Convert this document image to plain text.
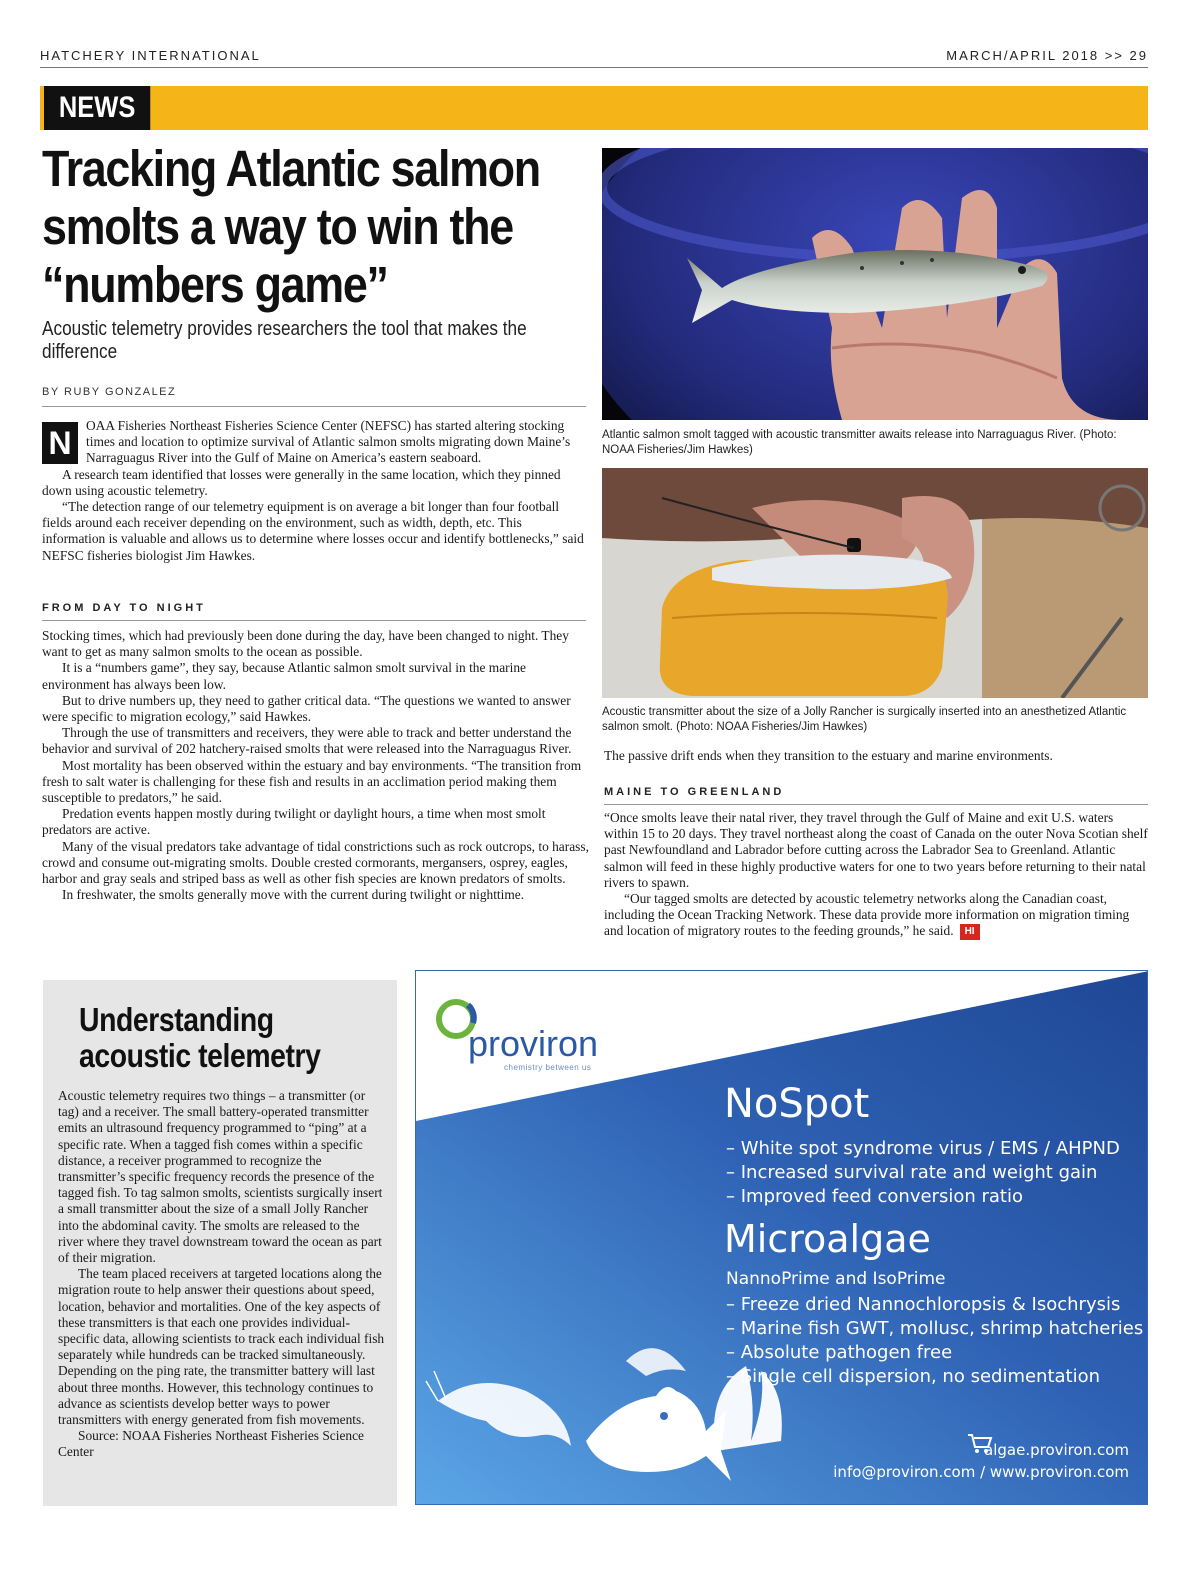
HATCHERY INTERNATIONAL	MARCH/APRIL 2018 >> 29
NEWS
Tracking Atlantic salmon
smolts a way to win the
“numbers game”
Acoustic telemetry provides researchers the tool that makes the difference
BY RUBY GONZALEZ

N	OAA Fisheries Northeast Fisheries Science Center (NEFSC) has started altering stocking times and location to optimize survival of Atlantic salmon smolts migrating down Maine’s Narraguagus River into the Gulf of Maine on America’s eastern seaboard.

A research team identified that losses were generally in the same location, which they pinned down using acoustic telemetry.

“The detection range of our telemetry equipment is on average a bit longer than four football fields around each receiver depending on the environment, such as width, depth, etc. This information is valuable and allows us to determine where losses occur and identify bottlenecks,” said NEFSC fisheries biologist Jim Hawkes.

FROM DAY TO NIGHT

Stocking times, which had previously been done during the day, have been changed to night. They want to get as many salmon smolts to the ocean as possible.

It is a “numbers game”, they say, because Atlantic salmon smolt survival in the marine environment has always been low.

But to drive numbers up, they need to gather critical data. “The questions we wanted to answer were specific to migration ecology,” said Hawkes.

Through the use of transmitters and receivers, they were able to track and better understand the behavior and survival of 202 hatchery-raised smolts that were released into the Narraguagus River.

Most mortality has been observed within the estuary and bay environments. “The transition from fresh to salt water is challenging for these fish and results in an acclimation period making them susceptible to predators,” he said.

Predation events happen mostly during twilight or daylight hours, a time when most smolt predators are active.

Many of the visual predators take advantage of tidal constrictions such as rock outcrops, to harass, crowd and consume out-migrating smolts. Double crested cormorants, mergansers, osprey, eagles, harbor and gray seals and striped bass as well as other fish species are known predators of smolts.

In freshwater, the smolts generally move with the current during twilight or nighttime.

Atlantic salmon smolt tagged with acoustic transmitter awaits release into Narraguagus River. (Photo: NOAA Fisheries/Jim Hawkes)
Acoustic transmitter about the size of a Jolly Rancher is surgically inserted into an anesthetized Atlantic salmon smolt. (Photo: NOAA Fisheries/Jim Hawkes)

The passive drift ends when they transition to the estuary and marine environments.

MAINE TO GREENLAND

“Once smolts leave their natal river, they travel through the Gulf of Maine and exit U.S. waters within 15 to 20 days. They travel northeast along the coast of Canada on the outer Nova Scotian shelf past Newfoundland and Labrador before cutting across the Labrador Sea to Greenland. Atlantic salmon will feed in these highly productive waters for one to two years before returning to their natal rivers to spawn.

“Our tagged smolts are detected by acoustic telemetry networks along the Canadian coast, including the Ocean Tracking Network. These data provide more information on migration timing and location of migratory routes to the feeding grounds,” he said. HI

Understanding
acoustic telemetry

Acoustic telemetry requires two things – a transmitter (or tag) and a receiver. The small battery-operated transmitter emits an ultrasound frequency programmed to “ping” at a specific rate. When a tagged fish comes within a specific distance, a receiver programmed to recognize the transmitter’s specific frequency records the presence of the tagged fish. To tag salmon smolts, scientists surgically insert a small transmitter about the size of a small Jolly Rancher into the abdominal cavity. The smolts are released to the river where they travel downstream toward the ocean as part of their migration.

The team placed receivers at targeted locations along the migration route to help answer their questions about speed, location, behavior and mortalities. One of the key aspects of these transmitters is that each one provides individual-specific data, allowing scientists to track each individual fish separately while hundreds can be tracked simultaneously. Depending on the ping rate, the transmitter battery will last about three months. However, this technology continues to advance as scientists develop better ways to power transmitters with energy generated from fish movements.

Source: NOAA Fisheries Northeast Fisheries Science Center

proviron
chemistry between us
NoSpot
– White spot syndrome virus / EMS / AHPND
– Increased survival rate and weight gain
– Improved feed conversion ratio
Microalgae
NannoPrime and IsoPrime
– Freeze dried Nannochloropsis & Isochrysis
– Marine fish GWT, mollusc, shrimp hatcheries
– Absolute pathogen free
– Single cell dispersion, no sedimentation
algae.proviron.com
info@proviron.com / www.proviron.com
